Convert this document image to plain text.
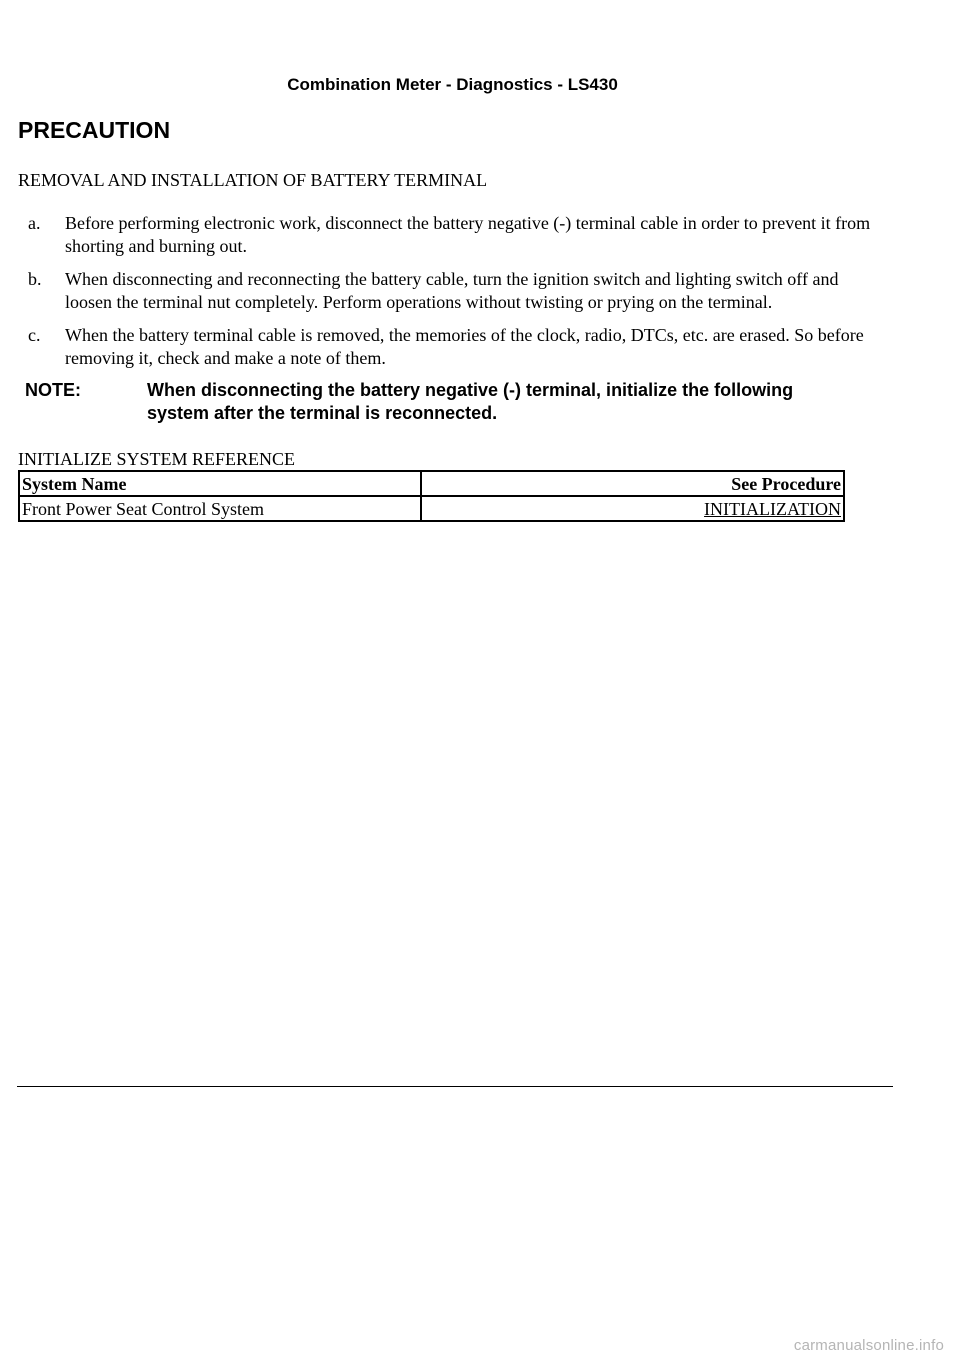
Combination Meter - Diagnostics - LS430
PRECAUTION
REMOVAL AND INSTALLATION OF BATTERY TERMINAL
a. Before performing electronic work, disconnect the battery negative (-) terminal cable in order to prevent it from shorting and burning out.
b. When disconnecting and reconnecting the battery cable, turn the ignition switch and lighting switch off and loosen the terminal nut completely. Perform operations without twisting or prying on the terminal.
c. When the battery terminal cable is removed, the memories of the clock, radio, DTCs, etc. are erased. So before removing it, check and make a note of them.
NOTE:	When disconnecting the battery negative (-) terminal, initialize the following system after the terminal is reconnected.
INITIALIZE SYSTEM REFERENCE
System Name	See Procedure
Front Power Seat Control System	INITIALIZATION
carmanualsonline.info
